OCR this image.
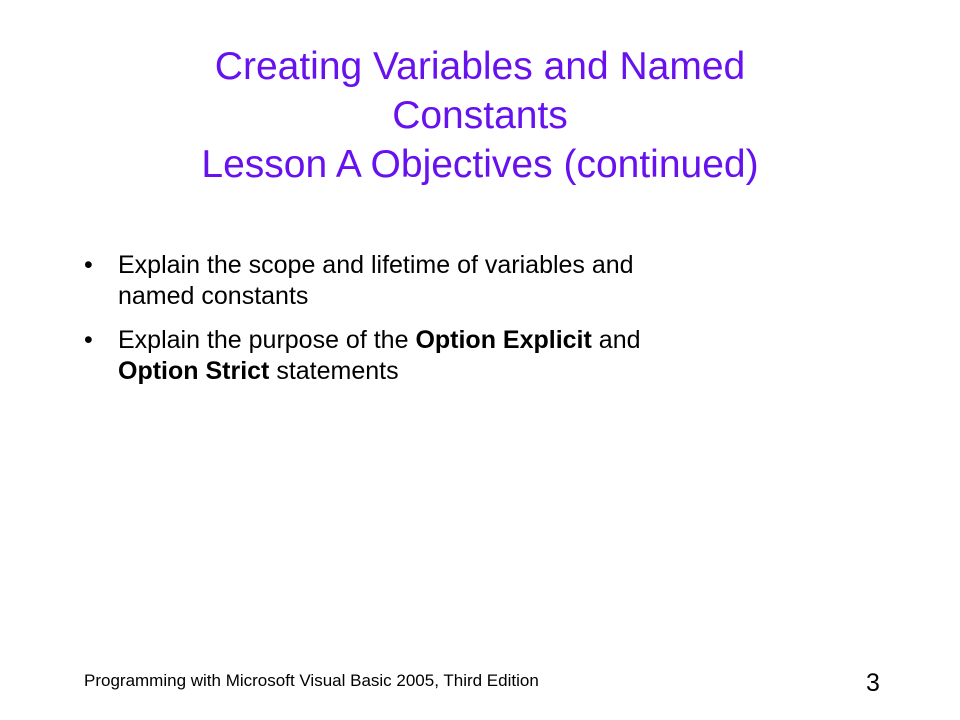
Creating Variables and Named
Constants
Lesson A Objectives (continued)
• Explain the scope and lifetime of variables and
named constants
• Explain the purpose of the Option Explicit and
Option Strict statements
Programming with Microsoft Visual Basic 2005, Third Edition	3
